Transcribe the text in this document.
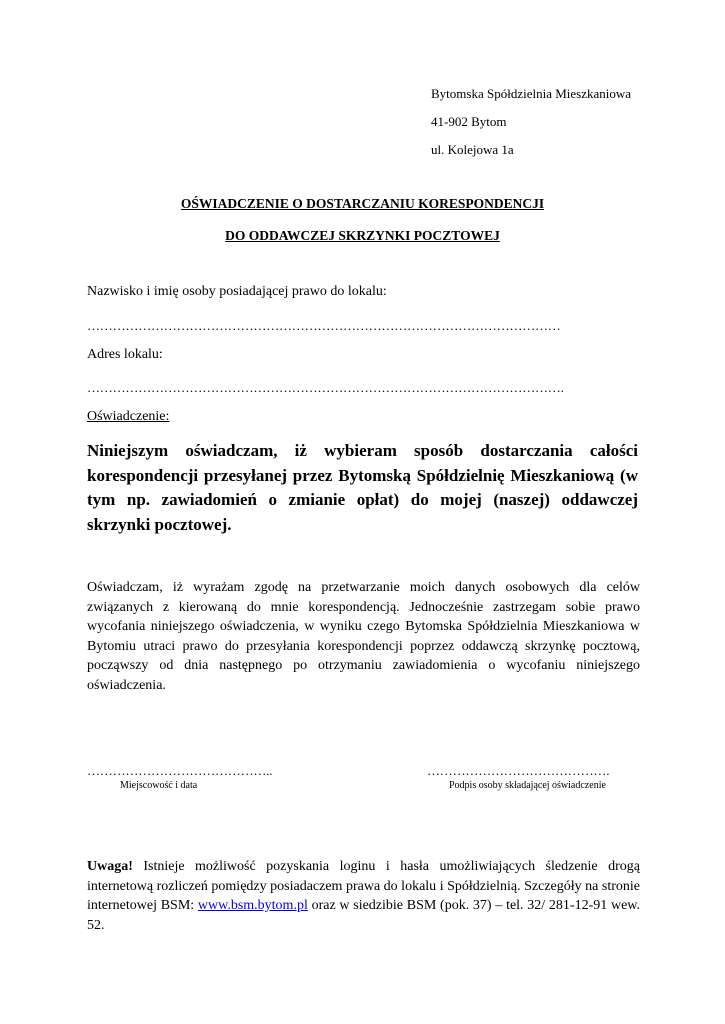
Bytomska Spółdzielnia Mieszkaniowa
41-902 Bytom
ul. Kolejowa 1a
OŚWIADCZENIE O DOSTARCZANIU KORESPONDENCJI
DO ODDAWCZEJ SKRZYNKI POCZTOWEJ
Nazwisko i imię osoby posiadającej prawo do lokalu:
…………………………………………………………………………………………………
Adres lokalu:
………………………………………………………………………………………………….
Oświadczenie:
Niniejszym oświadczam, iż wybieram sposób dostarczania całości korespondencji przesyłanej przez Bytomską Spółdzielnię Mieszkaniową (w tym np. zawiadomień o zmianie opłat) do mojej (naszej) oddawczej skrzynki pocztowej.
Oświadczam, iż wyrażam zgodę na przetwarzanie moich danych osobowych dla celów związanych z kierowaną do mnie korespondencją. Jednocześnie zastrzegam sobie prawo wycofania niniejszego oświadczenia, w wyniku czego Bytomska Spółdzielnia Mieszkaniowa w Bytomiu utraci prawo do przesyłania korespondencji poprzez oddawczą skrzynkę pocztową, począwszy od dnia następnego po otrzymaniu zawiadomienia o wycofaniu niniejszego oświadczenia.
……………………………………..
Miejscowość i data
…………………………………….
Podpis osoby składającej oświadczenie
Uwaga! Istnieje możliwość pozyskania loginu i hasła umożliwiających śledzenie drogą internetową rozliczeń pomiędzy posiadaczem prawa do lokalu i Spółdzielnią. Szczegóły na stronie internetowej BSM: www.bsm.bytom.pl oraz w siedzibie BSM (pok. 37) – tel. 32/ 281-12-91 wew. 52.
